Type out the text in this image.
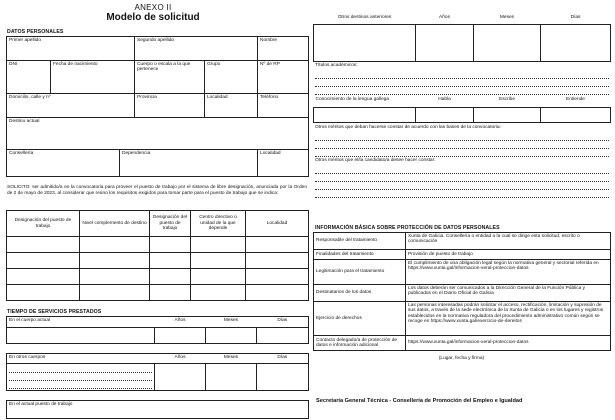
ANEXO II
Modelo de solicitud
DATOS PERSONALES
Primer apellido			Segundo apellido		Nombre
DNI	Fecha de nacimiento		Cuerpo o escala a la que pertenece	Grupo	Nº de RP
Domicilio, calle y nº			Provincia	Localidad	Teléfono
Destino actual					
Consellería		Dependencia			Localidad
SOLICITO: ser admitido/a en la convocatoria para proveer el puesto de trabajo por el sistema de libre designación, anunciada por la Orden de 2 de mayo de 2023, al considerar que reúno los requisitos exigidos para tomar parte para el puesto de trabajo que se indica:
Designación del puesto de trabajo	Nivel complemento de destino	Designación del puesto de trabajo	Centro directivo o unidad de la que depende	Localidad

TIEMPO DE SERVICIOS PRESTADOS
En el cuerpo actual	Años	Meses	Días

En otros cuerpos	Años	Meses	Días

En el actual puesto de trabajo			
Otros destinos anteriores	Años	Meses	Días

Títulos académicos:
Conocimiento de la lengua gallega	Habla	Escribe	Entiende

Otros méritos que deban hacerse constar de acuerdo con las bases de la convocatoria:
Otros méritos que el/la candidato/a desee hacer constar:
INFORMACIÓN BÁSICA SOBRE PROTECCIÓN DE DATOS PERSONALES
Responsable del tratamiento	Xunta de Galicia. Consellería o entidad a la cual se dirige esta solicitud, escrito o comunicación
Finalidades del tratamiento	Provisión de puesto de trabajo
Legitimación para el tratamiento	El cumplimiento de una obligación legal según la normativa general y sectorial referida en https://www.xunta.gal/informacion-xeral-proteccion-datos
Destinatarios de los datos	Los datos deberán ser comunicados a la Dirección General de la Función Pública y publicados en el Diario Oficial de Galicia
Ejercicio de derechos	Las personas interesadas podrán solicitar el acceso, rectificación, limitación y supresión de sus datos, a través de la sede electrónica de la Xunta de Galicia o en los lugares y registros establecidos en la normativa reguladora del procedimiento administrativo común según se recoge en https://www.xunta.gal/exercicio-de-dereitos
Contacto delegado/a de protección de datos e información adicional	https://www.xunta.gal/informacion-xeral-proteccion-datos
(Lugar, fecha y firma)
Secretaría General Técnica - Consellería de Promoción del Empleo e Igualdad
